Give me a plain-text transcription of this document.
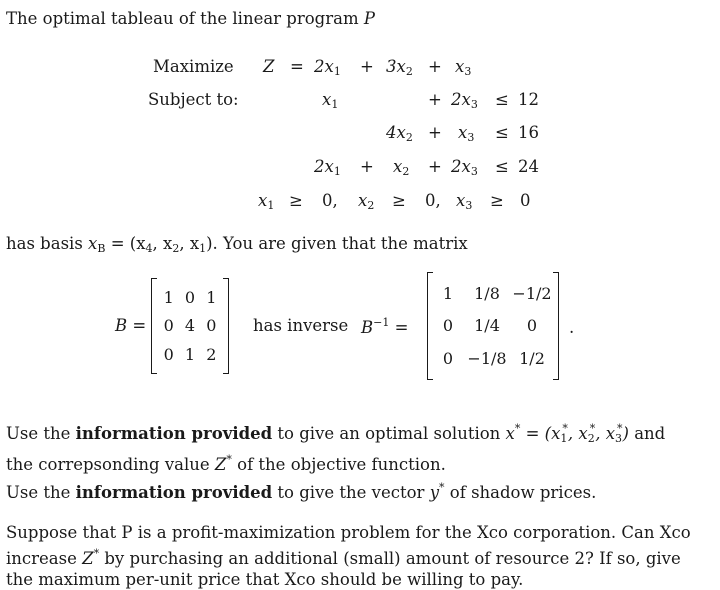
The optimal tableau of the linear program P
Maximize
Subject to:
$Z = 2x_1 + 3x_2 + x_3$
$x_1$	+ $2x_3 \le 12$
$4x_2 + x_3 \le 16$
$2x_1 + x_2 + 2x_3 \le 24$
$x_1 \ge 0$, $x_2 \ge 0$, $x_3 \ge 0$
has basis $x_B = (x_4$, $x_2$, $x_1$). You are given that the matrix
B =
1 0 1
0 4 0
0 1 2
has inverse $B^{-1}$ =
1	1/8 −1/2
0	1/4	0
0 −1/8 1/2
.
Use the information provided to give an optimal solution $x^* = (x_1^*$, $x_2^*$, $x_3^*$) and
the correpsonding value Z* of the objective function.
Use the information provided to give the vector y* of shadow prices.
Suppose that P is a profit-maximization problem for the Xco corporation. Can Xco
increase Z* by purchasing an additional (small) amount of resource 2? If so, give
the maximum per-unit price that Xco should be willing to pay.
